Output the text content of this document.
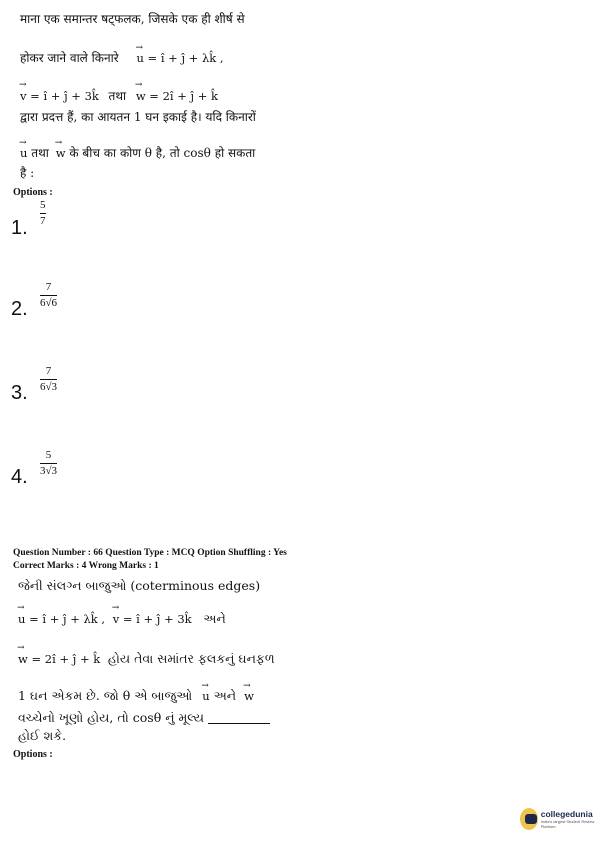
माना एक समान्तर षट्फलक, जिसके एक ही शीर्ष से
होकर जाने वाले किनारे → u = î + ĵ + λk̂ ,
→ v = î + ĵ + 3k̂ तथा → w = 2î + ĵ + k̂
द्वारा प्रदत्त हैं, का आयतन 1 घन इकाई है। यदि किनारों
→ u तथा → w के बीच का कोण θ है, तो cosθ हो सकता
है :
Options :
1.
5
7
2.
7
6√6
3.
7
6√3
4.
5
3√3
Question Number : 66 Question Type : MCQ Option Shuffling : Yes
Correct Marks : 4 Wrong Marks : 1
જેની સંલગ્ન બાજુઓ (coterminous edges)
→ u = î + ĵ + λk̂ , → v = î + ĵ + 3k̂ અને
→ w = 2î + ĵ + k̂ હોય તેવા સમાંતર ફલકનું ઘનફળ
1 ઘન એકમ છે. જો θ એ બાજુઓ → u અને → w
વચ્ચેનો ખૂણો હોય, તો cosθ નું મૂલ્ય
હોઈ શકે.
Options :
collegedunia
India's largest Student Review Platform
